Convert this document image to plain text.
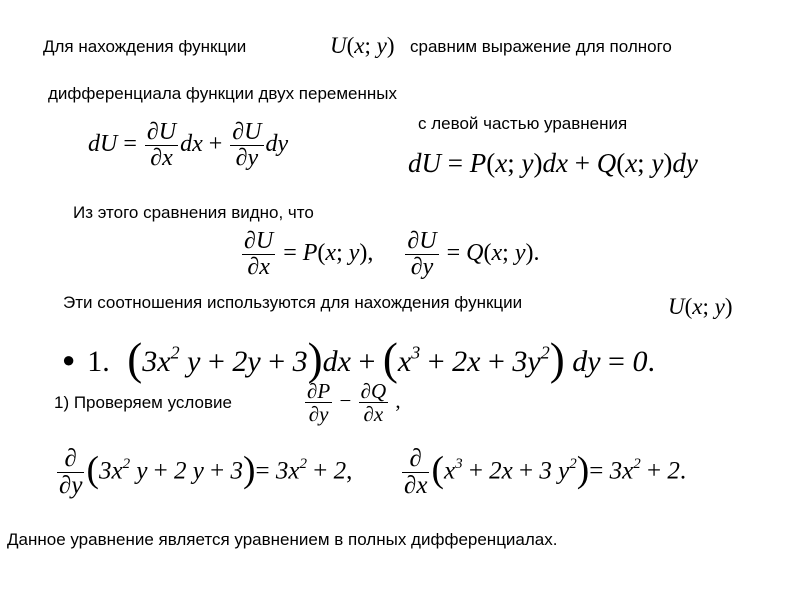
Для нахождения функции	U(x; y) сравним выражение для полного
дифференциала функции двух переменных
dU = $\frac{\partial U}{\partial x}$ dx + $\frac{\partial U}{\partial y}$ dy
с левой частью уравнения
dU = P(x; y)dx + Q(x; y)dy
Из этого сравнения видно, что
$\frac{\partial U}{\partial x} = P(x$; y), $\frac{\partial U}{\partial y} = Q(x$; y).
Эти соотношения используются для нахождения функции	U(x; y)
● 1. ($3x^2$ $y + 2y + 3)dx + (x^3 + 2x + 3y^2)$ dy = 0.
1) Проверяем условие	$\frac{\partial P}{\partial y} - \frac{\partial Q}{\partial x}$ ,
$\frac{\partial}{\partial y} (3x^2$ y + 2 $y + 3)= 3x^2 + 2$, $\frac{\partial}{\partial x} (x^3 + 2x + 3$ $y^2)= 3x^2 + 2$.
Данное уравнение является уравнением в полных дифференциалах.
